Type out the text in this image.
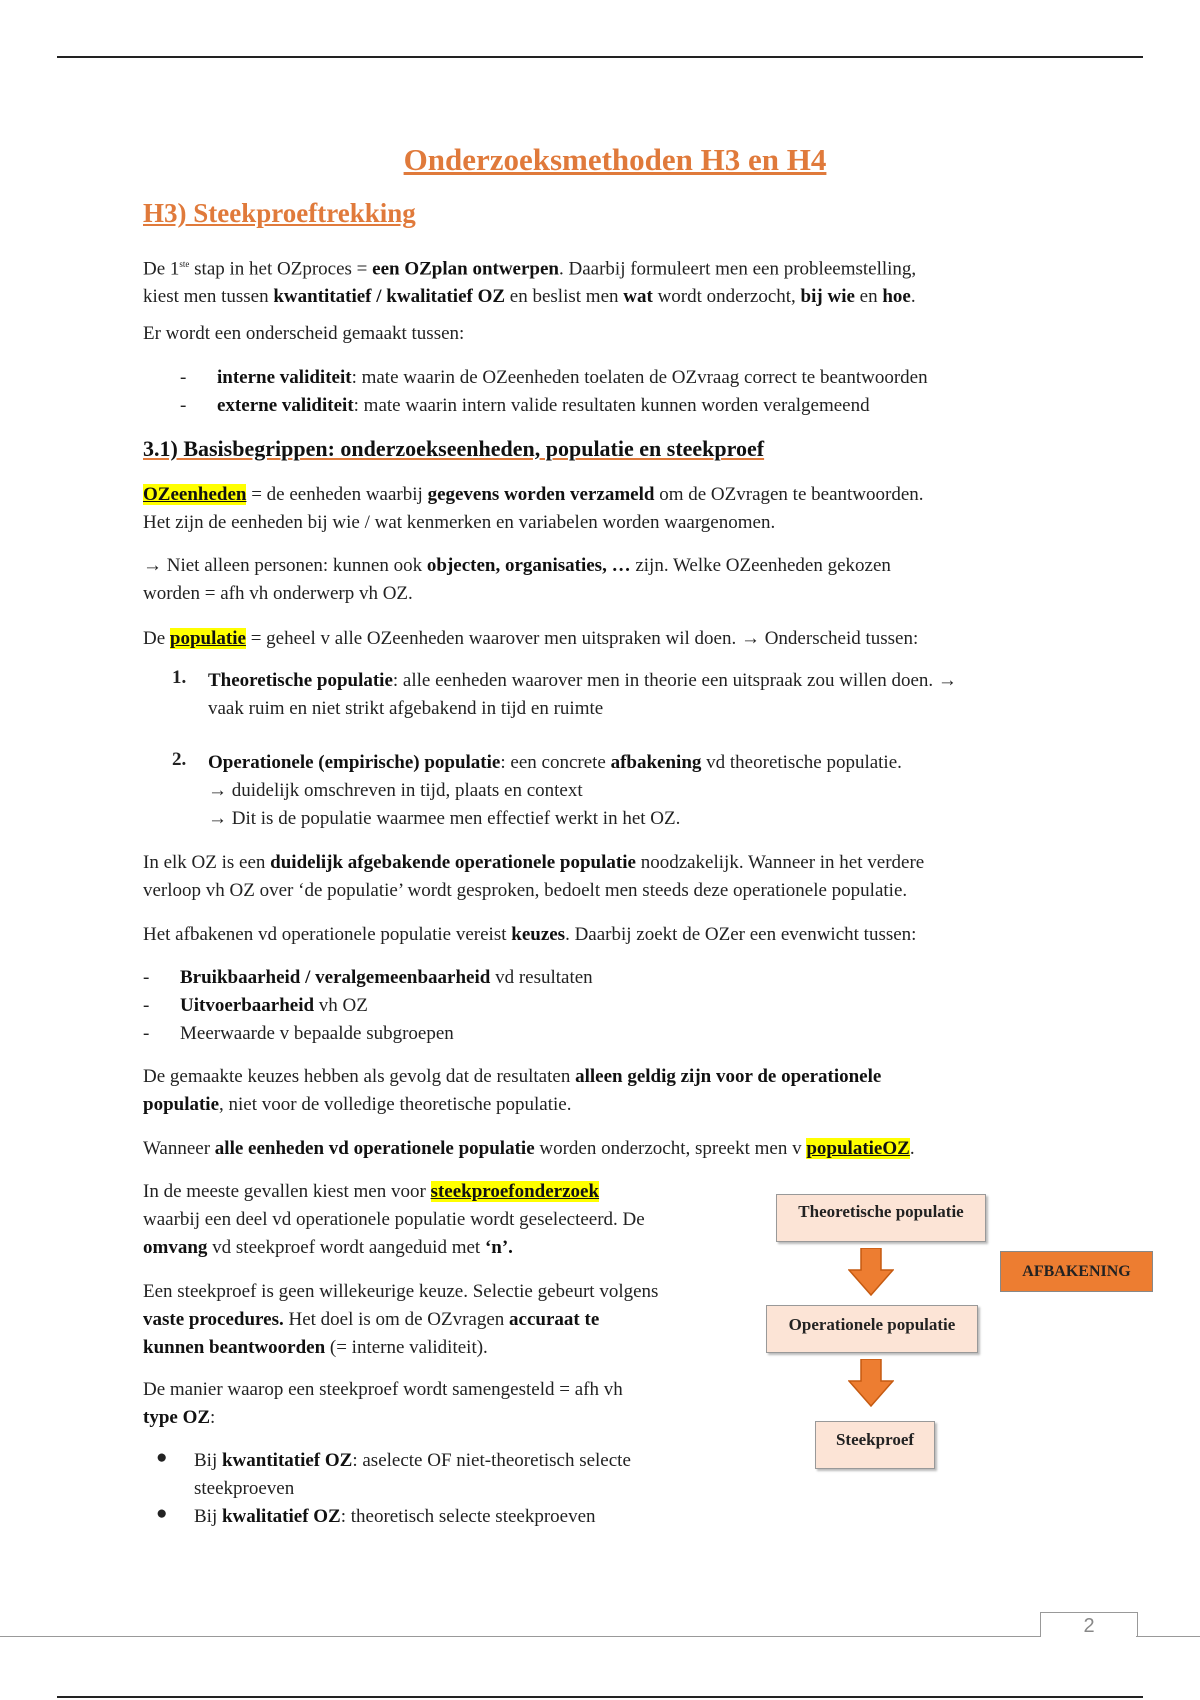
Onderzoeksmethoden H3 en H4
H3) Steekproeftrekking

De 1ste stap in het OZproces = een OZplan ontwerpen. Daarbij formuleert men een probleemstelling,

kiest men tussen kwantitatief / kwalitatief OZ en beslist men wat wordt onderzocht, bij wie en hoe.

Er wordt een onderscheid gemaakt tussen:

- interne validiteit: mate waarin de OZeenheden toelaten de OZvraag correct te beantwoorden
- externe validiteit: mate waarin intern valide resultaten kunnen worden veralgemeend
3.1) Basisbegrippen: onderzoekseenheden, populatie en steekproef

OZeenheden = de eenheden waarbij gegevens worden verzameld om de OZvragen te beantwoorden.

Het zijn de eenheden bij wie / wat kenmerken en variabelen worden waargenomen.

→ Niet alleen personen: kunnen ook objecten, organisaties, … zijn. Welke OZeenheden gekozen

worden = afh vh onderwerp vh OZ.

De populatie = geheel v alle OZeenheden waarover men uitspraken wil doen. → Onderscheid tussen:

1. Theoretische populatie: alle eenheden waarover men in theorie een uitspraak zou willen doen. →

vaak ruim en niet strikt afgebakend in tijd en ruimte

2. Operationele (empirische) populatie: een concrete afbakening vd theoretische populatie.

→ duidelijk omschreven in tijd, plaats en context

→ Dit is de populatie waarmee men effectief werkt in het OZ.

In elk OZ is een duidelijk afgebakende operationele populatie noodzakelijk. Wanneer in het verdere

verloop vh OZ over ‘de populatie’ wordt gesproken, bedoelt men steeds deze operationele populatie.

Het afbakenen vd operationele populatie vereist keuzes. Daarbij zoekt de OZer een evenwicht tussen:

- Bruikbaarheid / veralgemeenbaarheid vd resultaten
- Uitvoerbaarheid vh OZ
- Meerwaarde v bepaalde subgroepen

De gemaakte keuzes hebben als gevolg dat de resultaten alleen geldig zijn voor de operationele

populatie, niet voor de volledige theoretische populatie.

Wanneer alle eenheden vd operationele populatie worden onderzocht, spreekt men v populatieOZ.

In de meeste gevallen kiest men voor steekproefonderzoek

waarbij een deel vd operationele populatie wordt geselecteerd. De

omvang vd steekproef wordt aangeduid met ‘n’.

Een steekproef is geen willekeurige keuze. Selectie gebeurt volgens

vaste procedures. Het doel is om de OZvragen accuraat te

kunnen beantwoorden (= interne validiteit).

De manier waarop een steekproef wordt samengesteld = afh vh

type OZ:

● Bij kwantitatief OZ: aselecte OF niet-theoretisch selecte

steekproeven

● Bij kwalitatief OZ: theoretisch selecte steekproeven

Theoretische populatie
Operationele populatie
Steekproef
AFBAKENING
2
